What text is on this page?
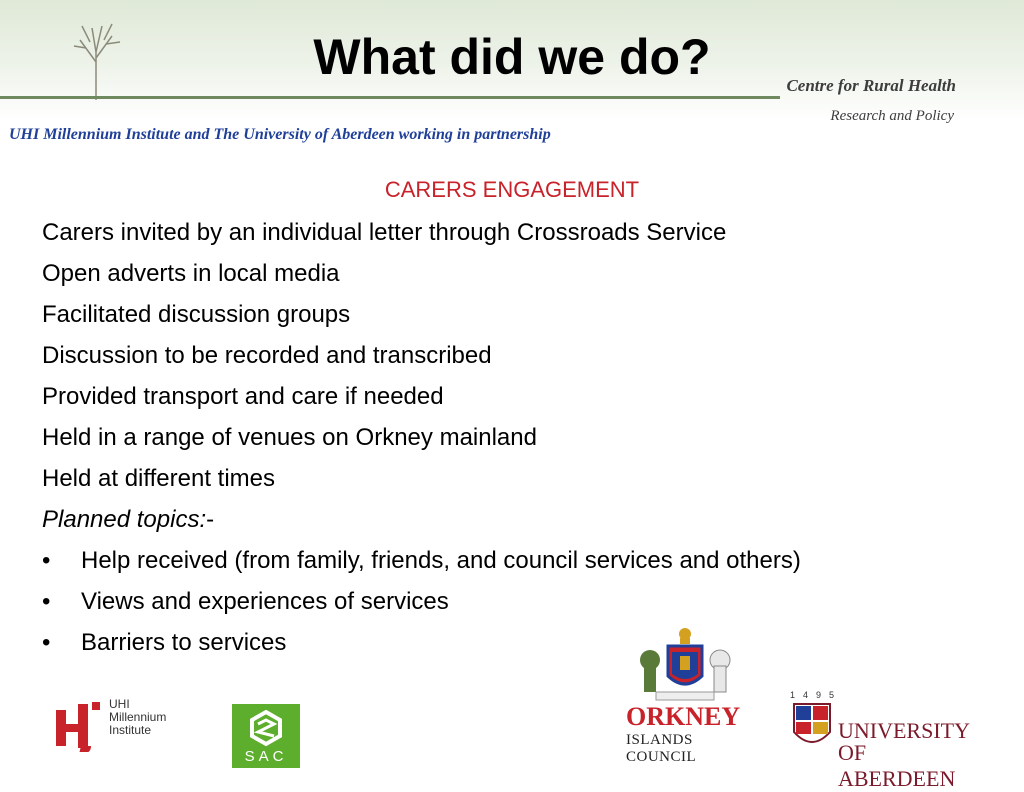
What did we do?
Centre for Rural Health
Research and Policy
UHI Millennium Institute and The University of Aberdeen working in partnership
CARERS ENGAGEMENT
Carers invited by an individual letter through Crossroads Service
Open adverts in local media
Facilitated discussion groups
Discussion to be recorded and transcribed
Provided transport and care if needed
Held in a range of venues on Orkney mainland
Held at different times
Planned topics:-
• Help received (from family, friends, and council services and others)
• Views and experiences of services
• Barriers to services
UHI
Millennium
Institute
SAC
ORKNEY
ISLANDS COUNCIL
1495
UNIVERSITY
OF ABERDEEN
